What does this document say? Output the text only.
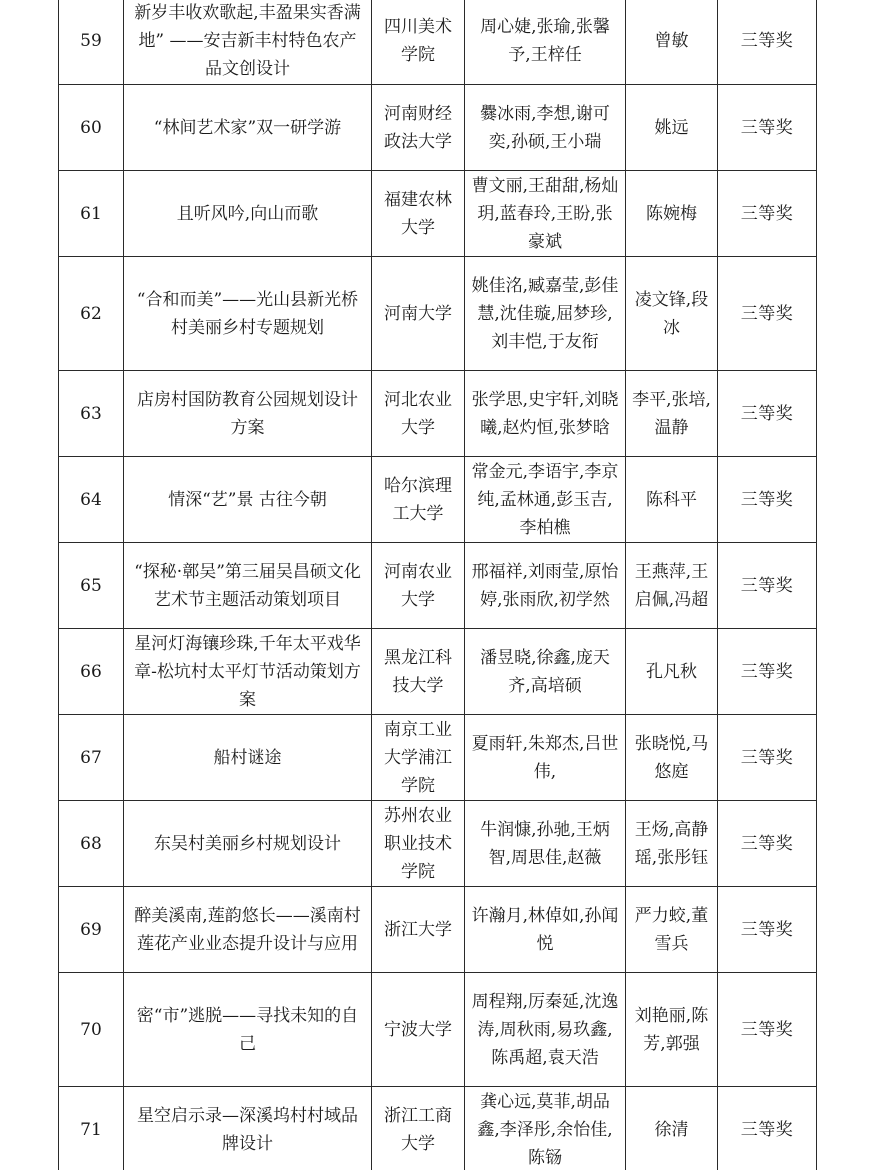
59	新岁丰收欢歌起,丰盈果实香满地” ——安吉新丰村特色农产品文创设计	四川美术学院	周心婕,张瑜,张馨予,王梓任	曾敏	三等奖
60	“林间艺术家”双一研学游	河南财经政法大学	爨冰雨,李想,谢可奕,孙硕,王小瑞	姚远	三等奖
61	且听风吟,向山而歌	福建农林大学	曹文丽,王甜甜,杨灿玥,蓝春玲,王盼,张豪斌	陈婉梅	三等奖
62	“合和而美”——光山县新光桥村美丽乡村专题规划	河南大学	姚佳洺,臧嘉莹,彭佳慧,沈佳璇,屈梦珍,刘丰恺,于友衔	凌文锋,段冰	三等奖
63	店房村国防教育公园规划设计方案	河北农业大学	张学思,史宇轩,刘晓曦,赵灼恒,张梦晗	李平,张培,温静	三等奖
64	情深“艺”景 古往今朝	哈尔滨理工大学	常金元,李语宇,李京纯,孟林通,彭玉吉,李柏樵	陈科平	三等奖
65	“探秘·鄣吴”第三届吴昌硕文化艺术节主题活动策划项目	河南农业大学	邢福祥,刘雨莹,原怡婷,张雨欣,初学然	王燕萍,王启佩,冯超	三等奖
66	星河灯海镶珍珠,千年太平戏华章-松坑村太平灯节活动策划方案	黑龙江科技大学	潘昱晓,徐鑫,庞天齐,高培硕	孔凡秋	三等奖
67	船村谜途	南京工业大学浦江学院	夏雨轩,朱郑杰,吕世伟,	张晓悦,马悠庭	三等奖
68	东吴村美丽乡村规划设计	苏州农业职业技术学院	牛润慷,孙驰,王炳智,周思佳,赵薇	王炀,高静瑶,张彤钰	三等奖
69	醉美溪南,莲韵悠长——溪南村莲花产业业态提升设计与应用	浙江大学	许瀚月,林倬如,孙闻悦	严力蛟,董雪兵	三等奖
70	密“市”逃脱——寻找未知的自己	宁波大学	周程翔,厉秦延,沈逸涛,周秋雨,易玖鑫,陈禹超,袁天浩	刘艳丽,陈芳,郭强	三等奖
71	星空启示录—深溪坞村村域品牌设计	浙江工商大学	龚心远,莫菲,胡品鑫,李泽彤,余怡佳,陈铴	徐清	三等奖
